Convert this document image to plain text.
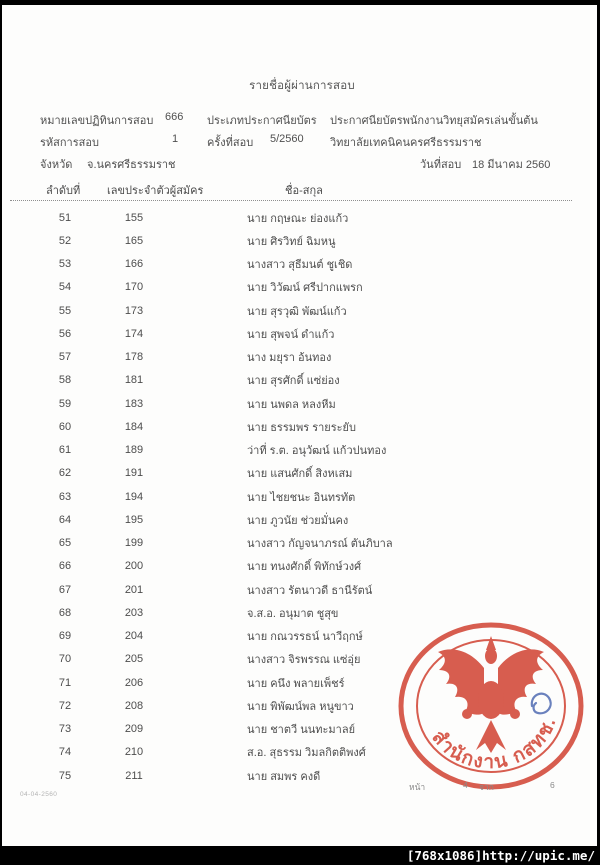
รายชื่อผู้ผ่านการสอบ
หมายเลขปฏิทินการสอบ 666 ประเภทประกาศนียบัตร ประกาศนียบัตรพนักงานวิทยุสมัครเล่นขั้นต้น
รหัสการสอบ	1	ครั้งที่สอบ 5/2560 วิทยาลัยเทคนิคนครศรีธรรมราช
จังหวัด จ.นครศรีธรรมราช	วันที่สอบ 18 มีนาคม 2560
ลำดับที่ เลขประจำตัวผู้สมัคร	ชื่อ-สกุล
51	155	นาย กฤษณะ ย่องแก้ว
52	165	นาย ศิรวิทย์ ฉิมหนู
53	166	นางสาว สุธีมนต์ ชูเชิด
54	170	นาย วิวัฒน์ ศรีปากแพรก
55	173	นาย สุรวุฒิ พัฒน์แก้ว
56	174	นาย สุพจน์ ดำแก้ว
57	178	นาง มยุรา อ้นทอง
58	181	นาย สุรศักดิ์ แซ่ย่อง
59	183	นาย นพดล หลงหีม
60	184	นาย ธรรมพร รายระยับ
61	189	ว่าที่ ร.ต. อนุวัฒน์ แก้วปนทอง
62	191	นาย แสนศักดิ์ สิงหเสม
63	194	นาย ไชยชนะ อินทรทัต
64	195	นาย ภูวนัย ช่วยมั่นคง
65	199	นางสาว กัญจนาภรณ์ ตันภิบาล
66	200	นาย ทนงศักดิ์ พิทักษ์วงศ์
67	201	นางสาว รัตนาวดี ธานีรัตน์
68	203	จ.ส.อ. อนุมาต ชูสุข
69	204	นาย กณวรรธน์ นาวีฤกษ์
70	205	นางสาว จิรพรรณ แซ่อุ่ย
71	206	นาย คนึง พลายเพ็ชร์
72	208	นาย พิพัฒน์พล หนูขาว
73	209	นาย ชาตวี นนทะมาลย์
74	210	ส.อ. สุธรรม วิมลกิตติพงศ์
75	211	นาย สมพร คงดี
สำนักงาน กสทช.
04-04-2560
หน้า	4 จาก	6
[768x1086]http://upic.me/
